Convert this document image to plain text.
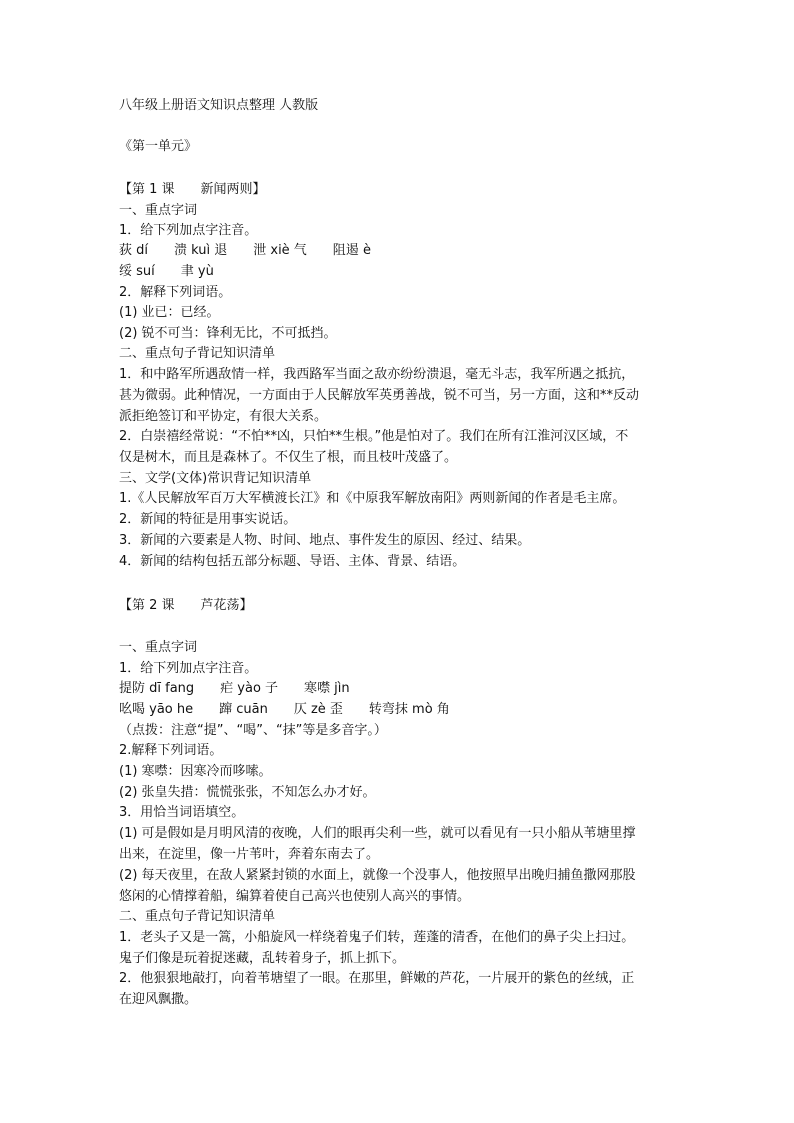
八年级上册语文知识点整理 人教版
《第一单元》
【第 1 课　　新闻两则】
一、重点字词
1．给下列加点字注音。
荻 dí　　溃 kuì 退　　泄 xiè 气　　阻遏 è
绥 suí　　聿 yù
2．解释下列词语。
(1) 业已：已经。
(2) 锐不可当：锋利无比，不可抵挡。
二、重点句子背记知识清单
1．和中路军所遇敌情一样，我西路军当面之敌亦纷纷溃退，毫无斗志，我军所遇之抵抗，
甚为微弱。此种情况，一方面由于人民解放军英勇善战，锐不可当，另一方面，这和**反动
派拒绝签订和平协定，有很大关系。
2．白崇禧经常说：“不怕**凶，只怕**生根。”他是怕对了。我们在所有江淮河汉区域，不
仅是树木，而且是森林了。不仅生了根，而且枝叶茂盛了。
三、文学(文体)常识背记知识清单
1.《人民解放军百万大军横渡长江》和《中原我军解放南阳》两则新闻的作者是毛主席。
2．新闻的特征是用事实说话。
3．新闻的六要素是人物、时间、地点、事件发生的原因、经过、结果。
4．新闻的结构包括五部分标题、导语、主体、背景、结语。
【第 2 课　　芦花荡】
一、重点字词
1．给下列加点字注音。
提防 dī fang　　疟 yào 子　　寒噤 jìn
吆喝 yāo he　　蹿 cuān　　仄 zè 歪　　转弯抹 mò 角
（点拨：注意“提”、“喝”、“抹”等是多音字。）
2.解释下列词语。
(1) 寒噤：因寒冷而哆嗦。
(2) 张皇失措：慌慌张张，不知怎么办才好。
3．用恰当词语填空。
(1) 可是假如是月明风清的夜晚，人们的眼再尖利一些，就可以看见有一只小船从苇塘里撑
出来，在淀里，像一片苇叶，奔着东南去了。
(2) 每天夜里，在敌人紧紧封锁的水面上，就像一个没事人，他按照早出晚归捕鱼撒网那股
悠闲的心情撑着船，编算着使自己高兴也使别人高兴的事情。
二、重点句子背记知识清单
1．老头子又是一篙，小船旋风一样绕着鬼子们转，莲蓬的清香，在他们的鼻子尖上扫过。
鬼子们像是玩着捉迷藏，乱转着身子，抓上抓下。
2．他狠狠地敲打，向着苇塘望了一眼。在那里，鲜嫩的芦花，一片展开的紫色的丝绒，正
在迎风飘撒。
